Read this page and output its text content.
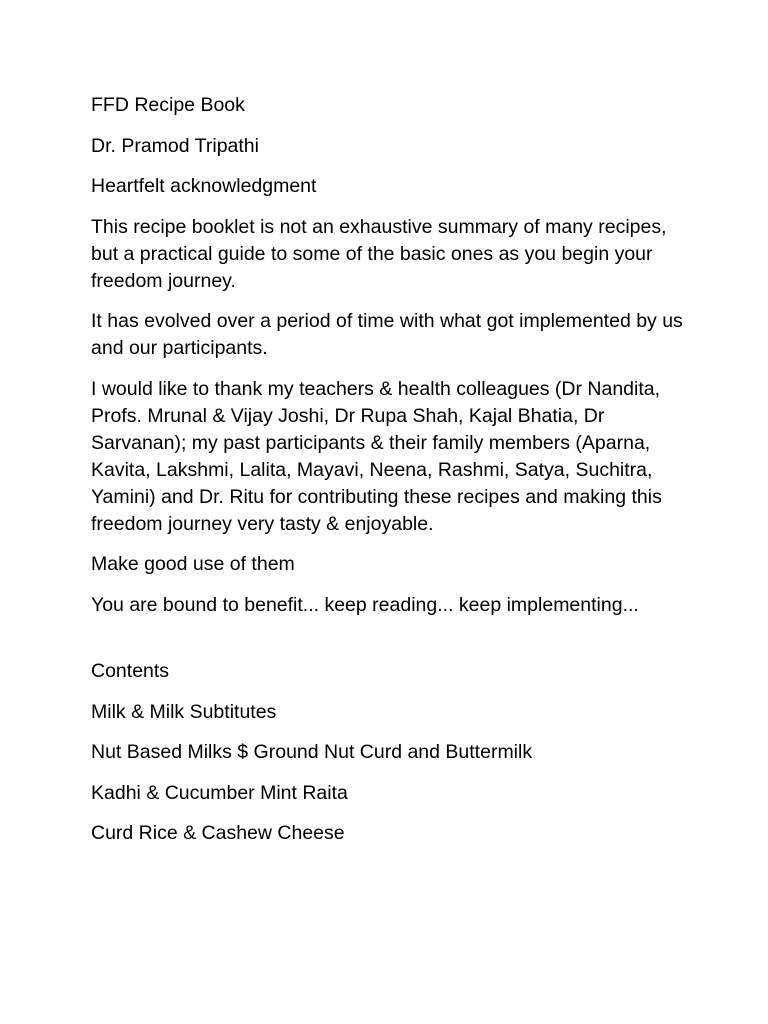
FFD Recipe Book

Dr. Pramod Tripathi

Heartfelt acknowledgment

This recipe booklet is not an exhaustive summary of many recipes, but a practical guide to some of the basic ones as you begin your freedom journey.

It has evolved over a period of time with what got implemented by us and our participants.

I would like to thank my teachers & health colleagues (Dr Nandita, Profs. Mrunal & Vijay Joshi, Dr Rupa Shah, Kajal Bhatia, Dr Sarvanan); my past participants & their family members (Aparna, Kavita, Lakshmi, Lalita, Mayavi, Neena, Rashmi, Satya, Suchitra, Yamini) and Dr. Ritu for contributing these recipes and making this freedom journey very tasty & enjoyable.

Make good use of them

You are bound to benefit... keep reading... keep implementing...

Contents

Milk & Milk Subtitutes

Nut Based Milks $ Ground Nut Curd and Buttermilk

Kadhi & Cucumber Mint Raita

Curd Rice & Cashew Cheese
